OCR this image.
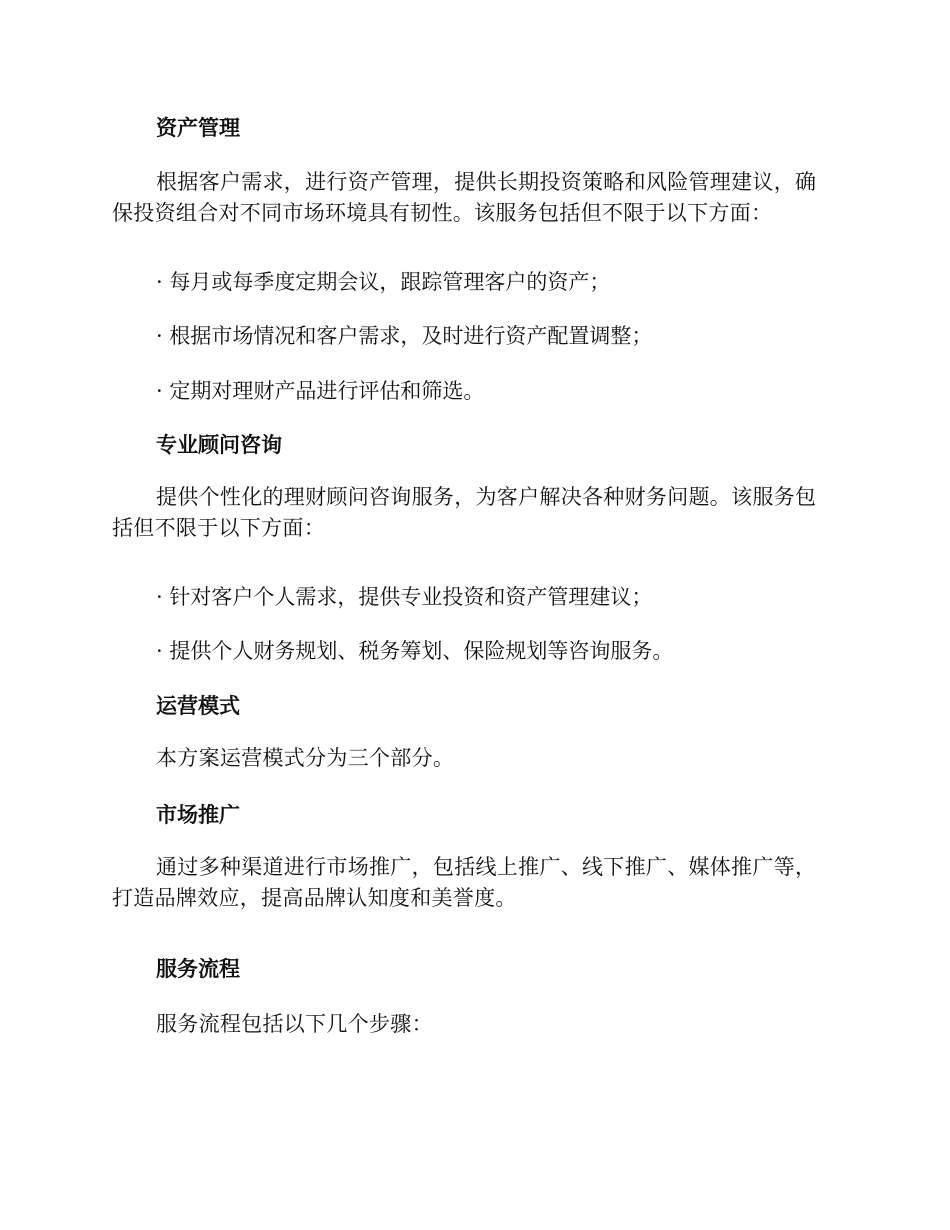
资产管理
根据客户需求，进行资产管理，提供长期投资策略和风险管理建议，确保投资组合对不同市场环境具有韧性。该服务包括但不限于以下方面：
· 每月或每季度定期会议，跟踪管理客户的资产；
· 根据市场情况和客户需求，及时进行资产配置调整；
· 定期对理财产品进行评估和筛选。
专业顾问咨询
提供个性化的理财顾问咨询服务，为客户解决各种财务问题。该服务包括但不限于以下方面：
· 针对客户个人需求，提供专业投资和资产管理建议；
· 提供个人财务规划、税务筹划、保险规划等咨询服务。
运营模式
本方案运营模式分为三个部分。
市场推广
通过多种渠道进行市场推广，包括线上推广、线下推广、媒体推广等，打造品牌效应，提高品牌认知度和美誉度。
服务流程
服务流程包括以下几个步骤：
